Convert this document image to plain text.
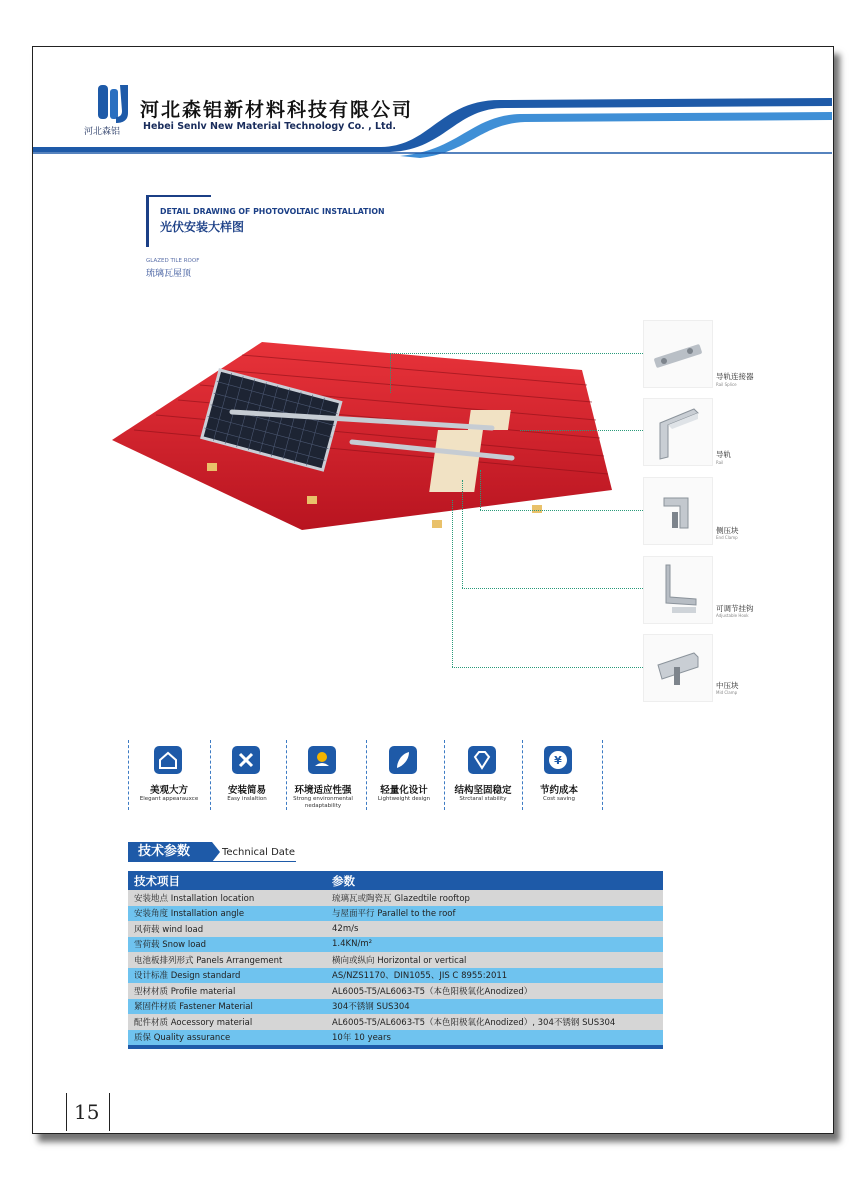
河北森铝
河北森铝新材料科技有限公司
Hebei Senlv New Material Technology Co. , Ltd.
DETAIL DRAWING OF PHOTOVOLTAIC INSTALLATION
光伏安装大样图
GLAZED TILE ROOF
琉璃瓦屋顶
导轨连接器
Rail Splice
导轨
Rail
侧压块
End Clamp
可调节挂钩
Adjustable Hook
中压块
Mid Clamp
美观大方
Elegant appearauxce
安装简易
Easy inslaltion
环境适应性强
Strong environmental nedaptability
轻量化设计
Lightweight design
结构坚固稳定
Strctaral stability
¥
节约成本
Cost saving
技术参数	Technical Date
技术项目	参数
安装地点 Installation location	琉璃瓦或陶瓷瓦 Glazedtile rooftop
安装角度 Installation angle	与屋面平行 Parallel to the roof
风荷载 wind load	42m/s
雪荷载 Snow load	1.4KN/m²
电池板排列形式 Panels Arrangement	横向或纵向 Horizontal or vertical
设计标准 Design standard	AS/NZS1170、DIN1055、JIS C 8955:2011
型材材质 Profile material	AL6005-T5/AL6063-T5（本色阳极氧化Anodized）
紧固件材质 Fastener Material	304不锈钢 SUS304
配件材质 Aocessory material	AL6005-T5/AL6063-T5（本色阳极氧化Anodized）, 304不锈钢 SUS304
质保 Quality assurance	10年 10 years
15
